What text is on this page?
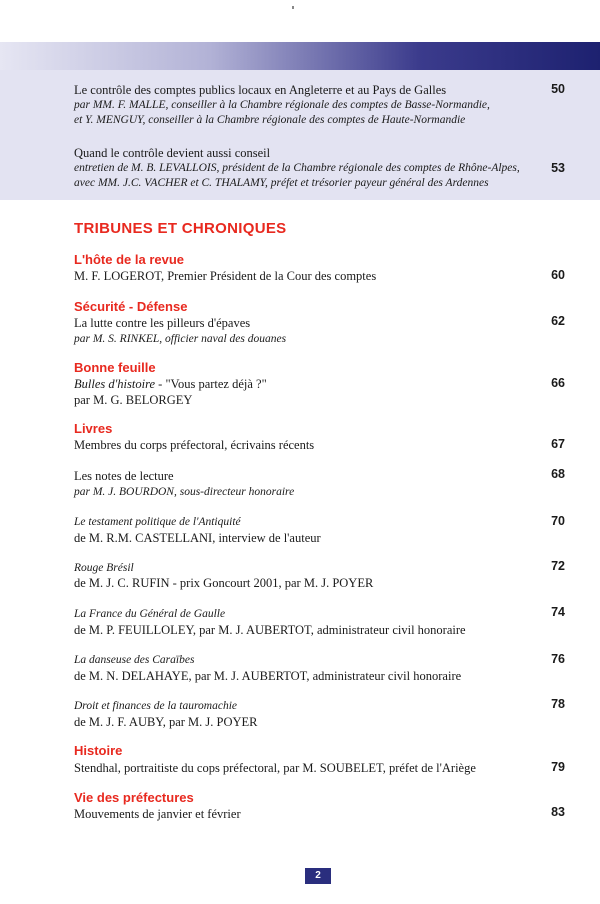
Le contrôle des comptes publics locaux en Angleterre et au Pays de Galles
par MM. F. MALLE, conseiller à la Chambre régionale des comptes de Basse-Normandie,
et Y. MENGUY, conseiller à la Chambre régionale des comptes de Haute-Normandie
50
Quand le contrôle devient aussi conseil
entretien de M. B. LEVALLOIS, président de la Chambre régionale des comptes de Rhône-Alpes,
avec MM. J.C. VACHER et C. THALAMY, préfet et trésorier payeur général des Ardennes
53
TRIBUNES ET CHRONIQUES
L'hôte de la revue
M. F. LOGEROT, Premier Président de la Cour des comptes	60
Sécurité - Défense
La lutte contre les pilleurs d'épaves
par M. S. RINKEL, officier naval des douanes
62
Bonne feuille
Bulles d'histoire - "Vous partez déjà ?"
par M. G. BELORGEY
66
Livres
Membres du corps préfectoral, écrivains récents	67
Les notes de lecture
par M. J. BOURDON, sous-directeur honoraire
68
Le testament politique de l'Antiquité
de M. R.M. CASTELLANI, interview de l'auteur
70
Rouge Brésil
de M. J. C. RUFIN - prix Goncourt 2001, par M. J. POYER
72
La France du Général de Gaulle
de M. P. FEUILLOLEY, par M. J. AUBERTOT, administrateur civil honoraire
74
La danseuse des Caraïbes
de M. N. DELAHAYE, par M. J. AUBERTOT, administrateur civil honoraire
76
Droit et finances de la tauromachie
de M. J. F. AUBY, par M. J. POYER
78
Histoire
Stendhal, portraitiste du cops préfectoral, par M. SOUBELET, préfet de l'Ariège	79
Vie des préfectures
Mouvements de janvier et février	83
2
